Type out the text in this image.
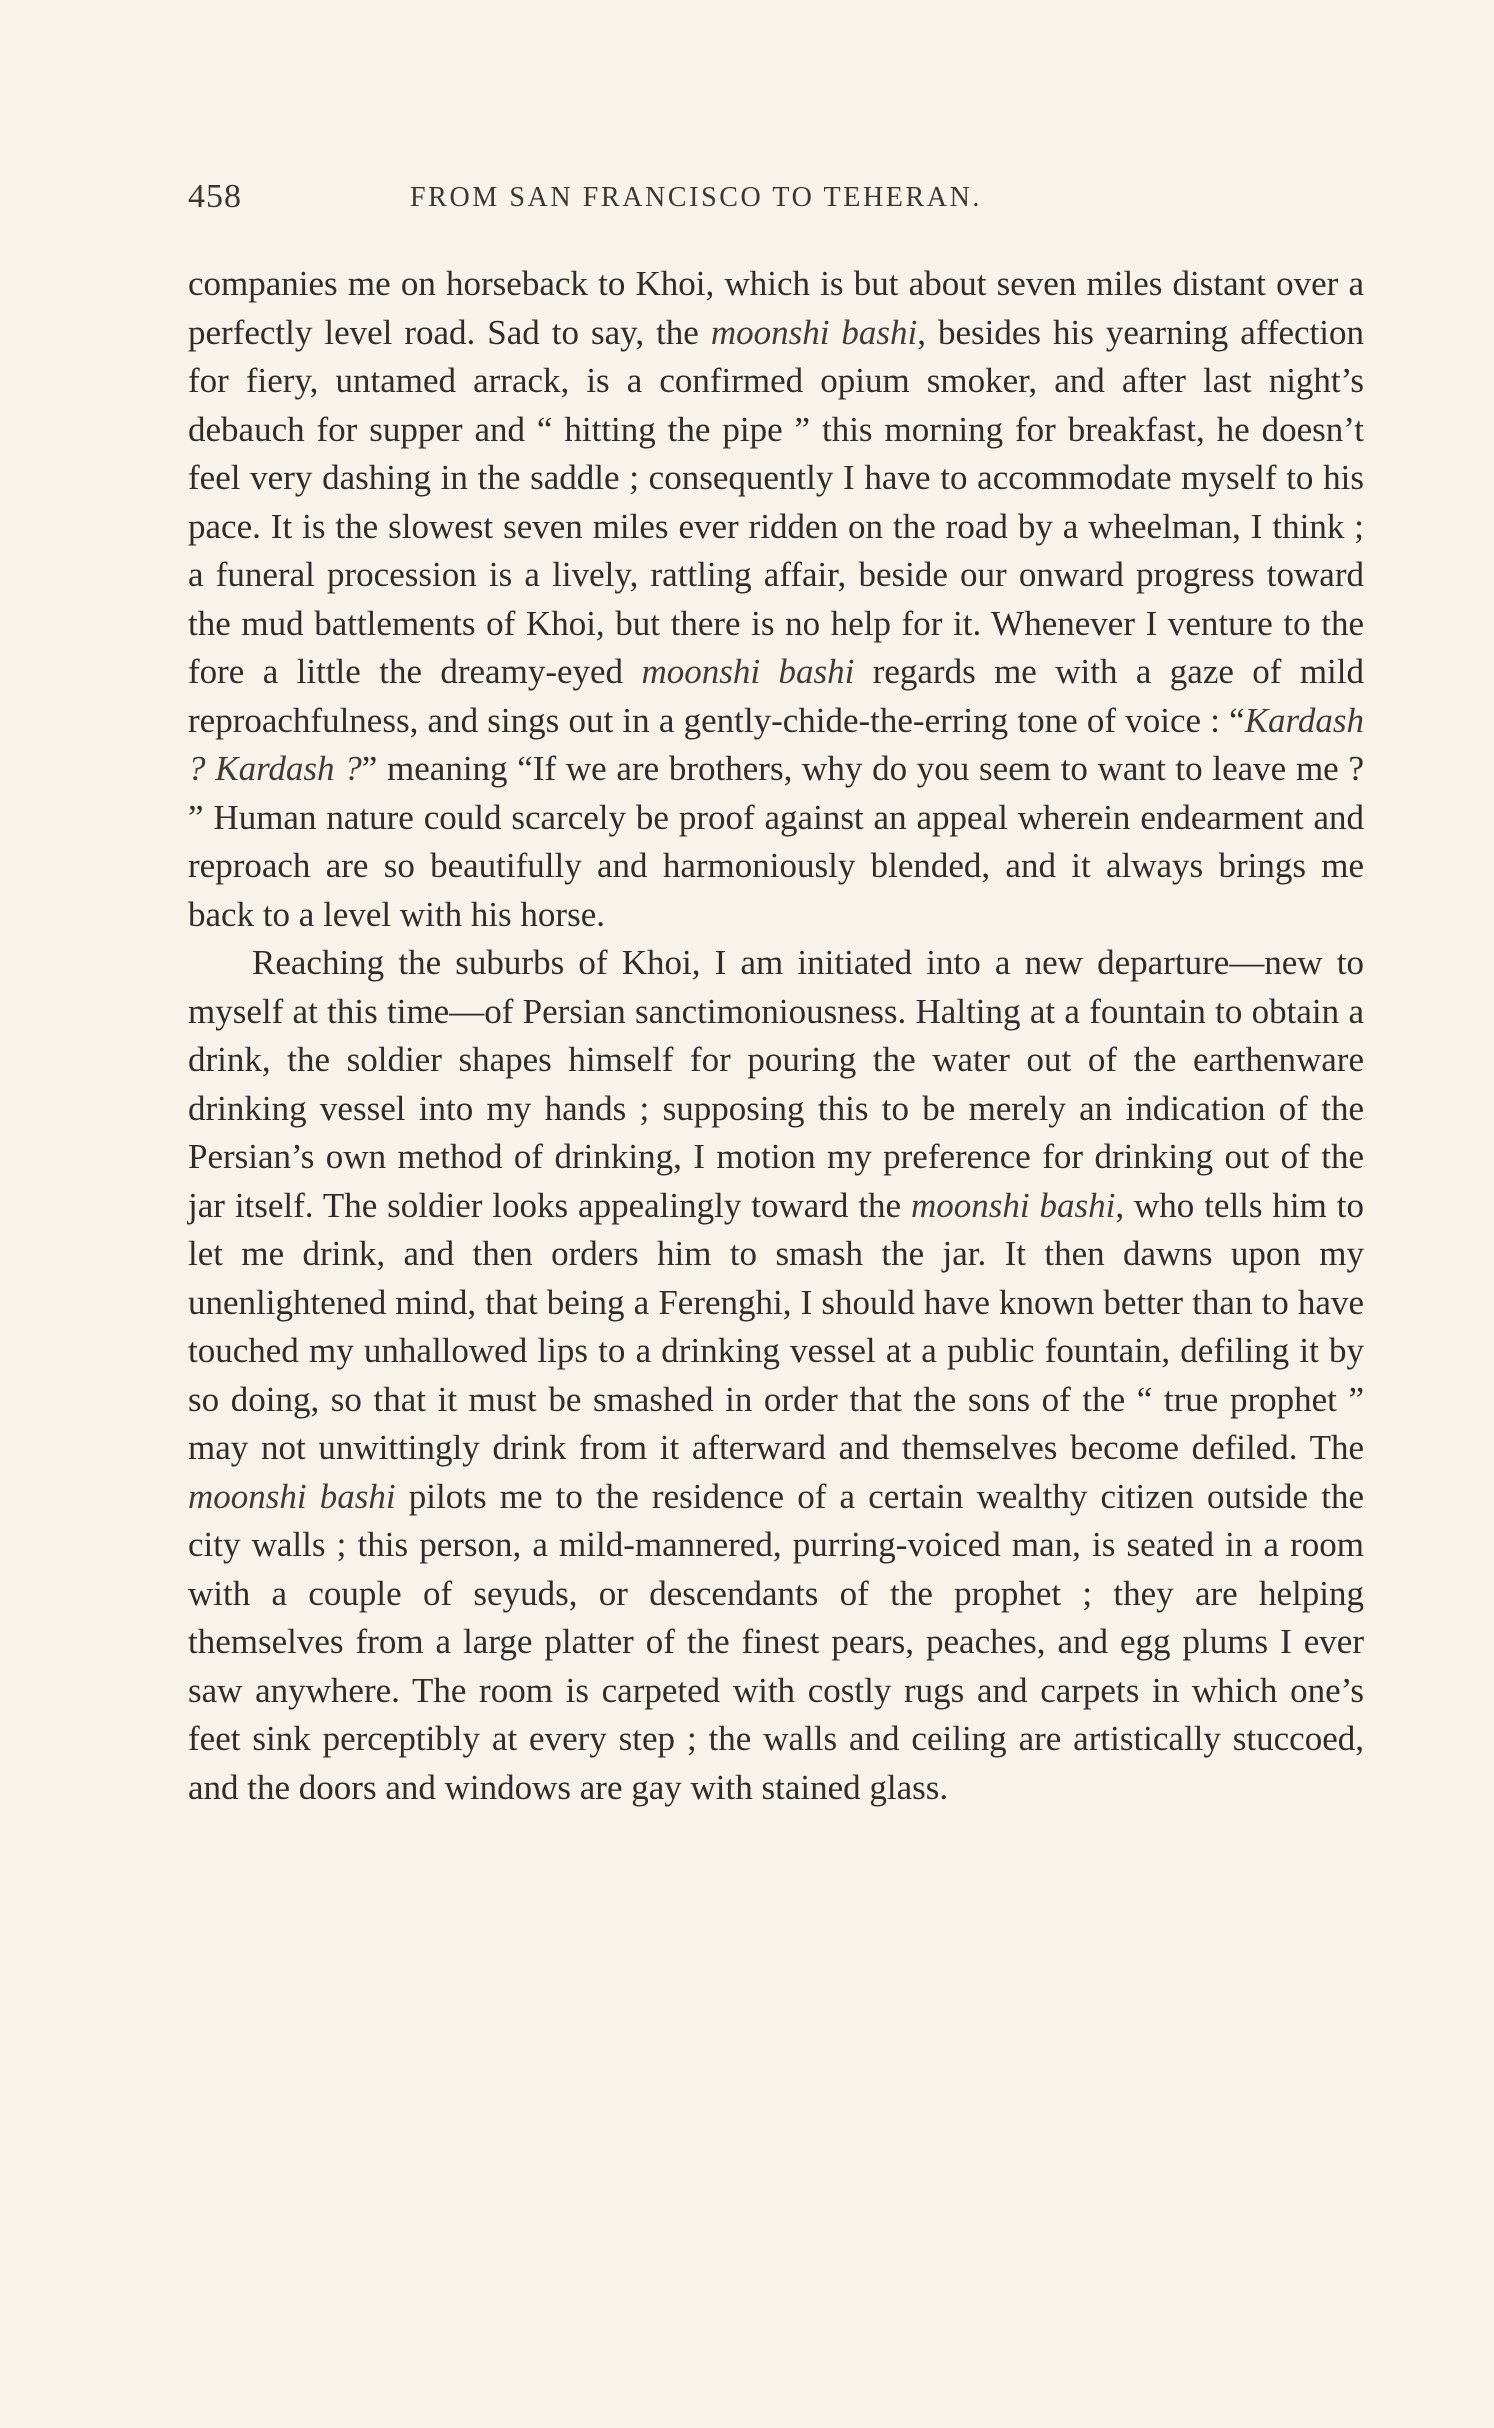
458	FROM SAN FRANCISCO TO TEHERAN.

companies me on horseback to Khoi, which is but about seven miles distant over a perfectly level road. Sad to say, the moonshi bashi, besides his yearning affection for fiery, untamed arrack, is a confirmed opium smoker, and after last night’s debauch for supper and “ hitting the pipe ” this morning for breakfast, he doesn’t feel very dashing in the saddle ; consequently I have to accommodate myself to his pace. It is the slowest seven miles ever ridden on the road by a wheelman, I think ; a funeral procession is a lively, rattling affair, beside our onward progress toward the mud battlements of Khoi, but there is no help for it. Whenever I venture to the fore a little the dreamy-eyed moonshi bashi regards me with a gaze of mild reproachfulness, and sings out in a gently-chide-the-erring tone of voice : “Kardash ? Kardash ?” meaning “If we are brothers, why do you seem to want to leave me ? ” Human nature could scarcely be proof against an appeal wherein endearment and reproach are so beautifully and harmoniously blended, and it always brings me back to a level with his horse.

Reaching the suburbs of Khoi, I am initiated into a new departure—new to myself at this time—of Persian sanctimoniousness. Halting at a fountain to obtain a drink, the soldier shapes himself for pouring the water out of the earthenware drinking vessel into my hands ; supposing this to be merely an indication of the Persian’s own method of drinking, I motion my preference for drinking out of the jar itself. The soldier looks appealingly toward the moonshi bashi, who tells him to let me drink, and then orders him to smash the jar. It then dawns upon my unenlightened mind, that being a Ferenghi, I should have known better than to have touched my unhallowed lips to a drinking vessel at a public fountain, defiling it by so doing, so that it must be smashed in order that the sons of the “ true prophet ” may not unwittingly drink from it afterward and themselves become defiled. The moonshi bashi pilots me to the residence of a certain wealthy citizen outside the city walls ; this person, a mild-mannered, purring-voiced man, is seated in a room with a couple of seyuds, or descendants of the prophet ; they are helping themselves from a large platter of the finest pears, peaches, and egg plums I ever saw anywhere. The room is carpeted with costly rugs and carpets in which one’s feet sink perceptibly at every step ; the walls and ceiling are artistically stuccoed, and the doors and windows are gay with stained glass.
